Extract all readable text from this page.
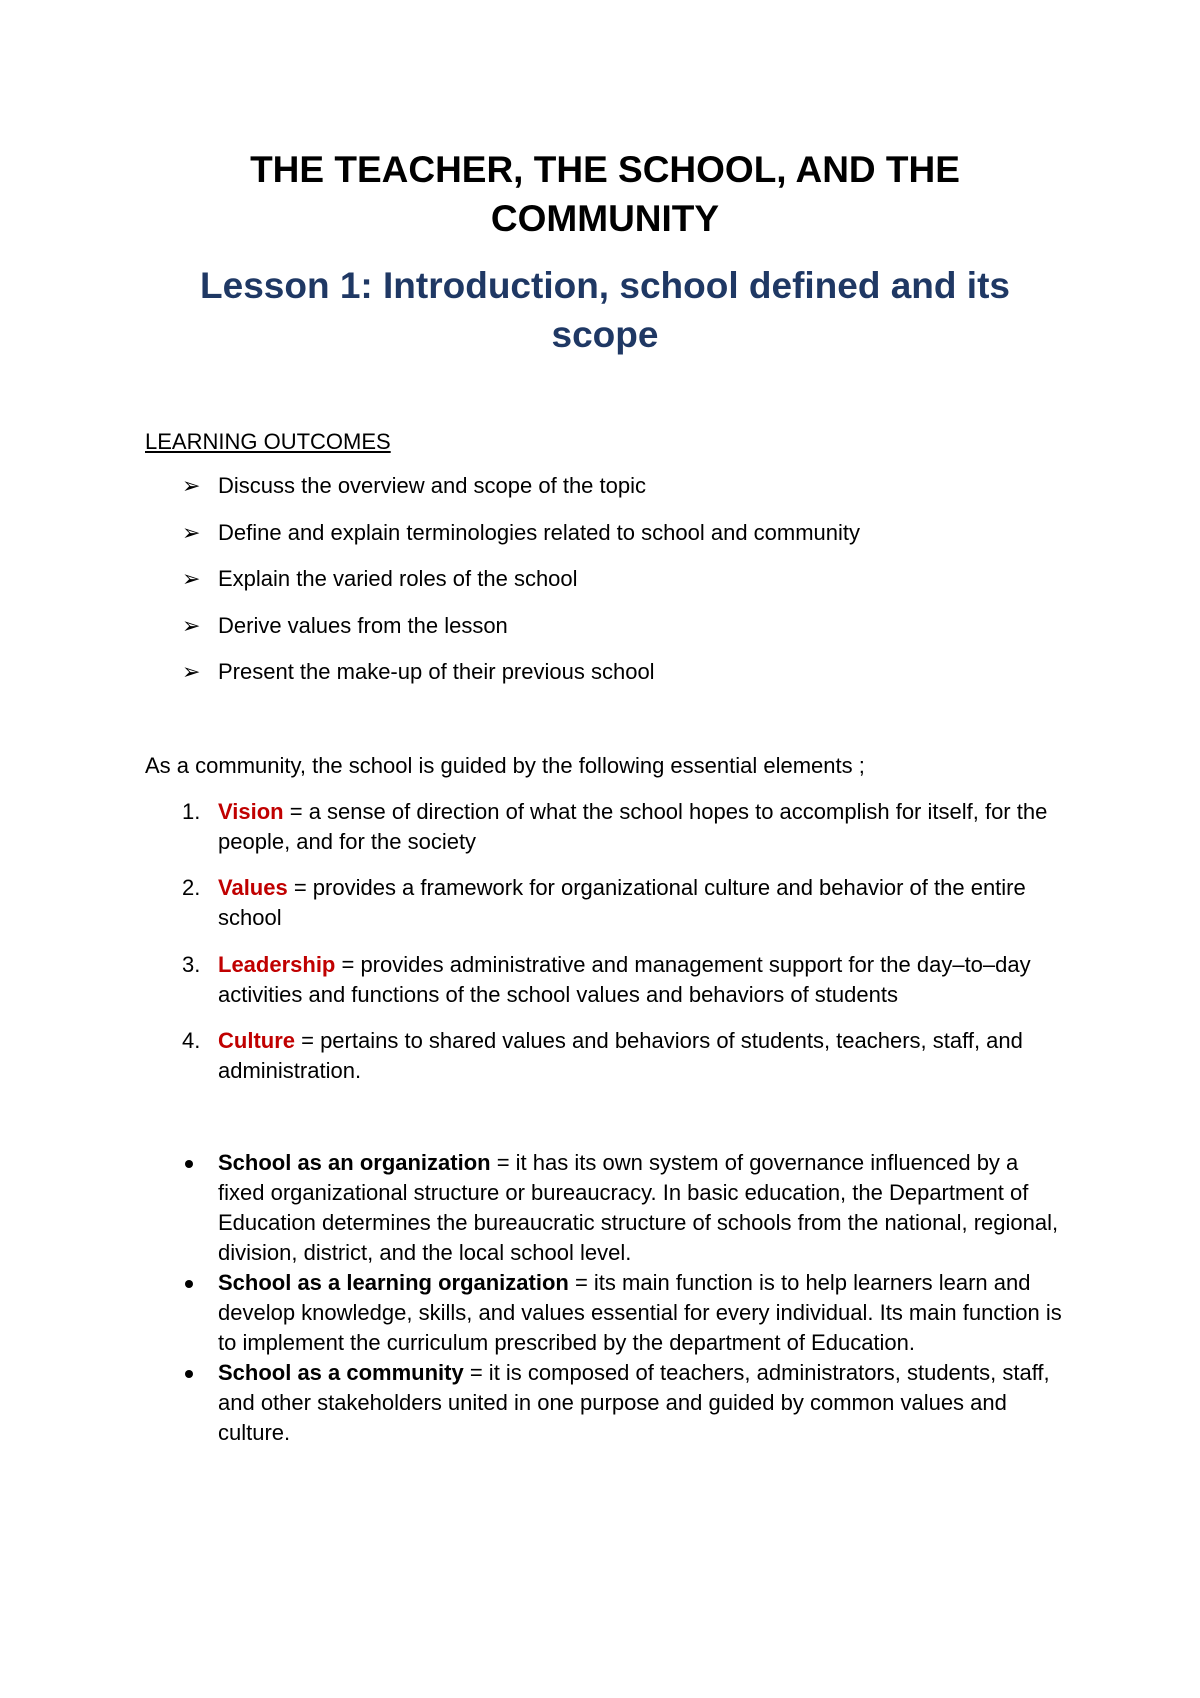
THE TEACHER, THE SCHOOL, AND THE COMMUNITY
Lesson 1: Introduction, school defined and its scope

LEARNING OUTCOMES

➢ Discuss the overview and scope of the topic
➢ Define and explain terminologies related to school and community
➢ Explain the varied roles of the school
➢ Derive values from the lesson
➢ Present the make-up of their previous school

As a community, the school is guided by the following essential elements ;

1. Vision = a sense of direction of what the school hopes to accomplish for itself, for the people, and for the society
2. Values = provides a framework for organizational culture and behavior of the entire school
3. Leadership = provides administrative and management support for the day–to–day activities and functions of the school values and behaviors of students
4. Culture = pertains to shared values and behaviors of students, teachers, staff, and administration.
School as an organization = it has its own system of governance influenced by a fixed organizational structure or bureaucracy. In basic education, the Department of Education determines the bureaucratic structure of schools from the national, regional, division, district, and the local school level.
School as a learning organization = its main function is to help learners learn and develop knowledge, skills, and values essential for every individual. Its main function is to implement the curriculum prescribed by the department of Education.
School as a community = it is composed of teachers, administrators, students, staff, and other stakeholders united in one purpose and guided by common values and culture.
